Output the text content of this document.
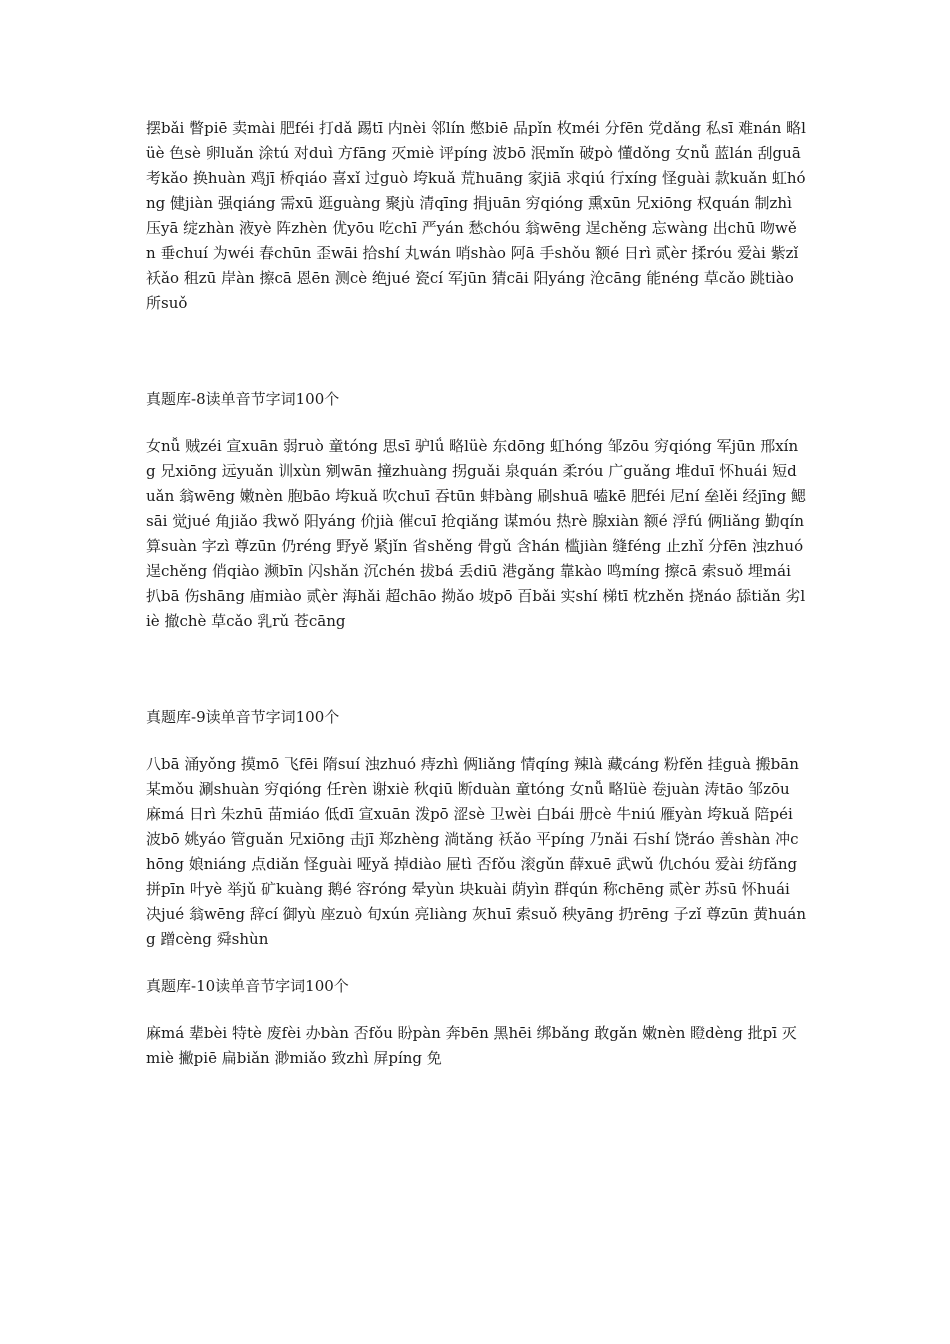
摆bǎi 瞥piē 卖mài 肥féi 打dǎ 踢tī 内nèi 邻lín 憋biē 品pǐn 枚méi 分fēn 党dǎng 私sī 难nán 略lüè 色sè 卵luǎn 涂tú 对duì 方fāng 灭miè 评píng 波bō 泯mǐn 破pò 懂dǒng 女nǚ 蓝lán 刮guā 考kǎo 换huàn 鸡jī 桥qiáo 喜xǐ 过guò 垮kuǎ 荒huāng 家jiā 求qiú 行xíng 怪guài 款kuǎn 虹hóng 健jiàn 强qiáng 需xū 逛guàng 聚jù 清qīng 捐juān 穷qióng 熏xūn 兄xiōng 权quán 制zhì 压yā 绽zhàn 液yè 阵zhèn 优yōu 吃chī 严yán 愁chóu 翁wēng 逞chěng 忘wàng 出chū 吻wěn 垂chuí 为wéi 春chūn 歪wāi 拾shí 丸wán 哨shào 阿ā 手shǒu 额é 日rì 贰èr 揉róu 爱ài 紫zǐ 袄ǎo 租zū 岸àn 擦cā 恩ēn 测cè 绝jué 瓷cí 军jūn 猜cāi 阳yáng 沧cāng 能néng 草cǎo 跳tiào 所suǒ

真题库-8读单音节字词100个

女nǚ 贼zéi 宣xuān 弱ruò 童tóng 思sī 驴lǘ 略lüè 东dōng 虹hóng 邹zōu 穷qióng 军jūn 邢xíng 兄xiōng 远yuǎn 训xùn 剜wān 撞zhuàng 拐guǎi 泉quán 柔róu 广guǎng 堆duī 怀huái 短duǎn 翁wēng 嫩nèn 胞bāo 垮kuǎ 吹chuī 吞tūn 蚌bàng 刷shuā 嗑kē 肥féi 尼ní 垒lěi 经jīng 鳃sāi 觉jué 角jiǎo 我wǒ 阳yáng 价jià 催cuī 抢qiǎng 谋móu 热rè 腺xiàn 额é 浮fú 俩liǎng 勤qín 算suàn 字zì 尊zūn 仍réng 野yě 紧jǐn 省shěng 骨gǔ 含hán 槛jiàn 缝féng 止zhǐ 分fēn 浊zhuó 逞chěng 俏qiào 濒bīn 闪shǎn 沉chén 拔bá 丢diū 港gǎng 靠kào 鸣míng 擦cā 索suǒ 埋mái 扒bā 伤shāng 庙miào 贰èr 海hǎi 超chāo 拗ǎo 坡pō 百bǎi 实shí 梯tī 枕zhěn 挠náo 舔tiǎn 劣liè 撤chè 草cǎo 乳rǔ 苍cāng

真题库-9读单音节字词100个

八bā 涌yǒng 摸mō 飞fēi 隋suí 浊zhuó 痔zhì 俩liǎng 情qíng 辣là 藏cáng 粉fěn 挂guà 搬bān 某mǒu 涮shuàn 穷qióng 任rèn 谢xiè 秋qiū 断duàn 童tóng 女nǚ 略lüè 卷juàn 涛tāo 邹zōu 麻má 日rì 朱zhū 苗miáo 低dī 宣xuān 泼pō 涩sè 卫wèi 白bái 册cè 牛niú 雁yàn 垮kuǎ 陪péi 波bō 姚yáo 管guǎn 兄xiōng 击jī 郑zhèng 淌tǎng 袄ǎo 平píng 乃nǎi 石shí 饶ráo 善shàn 冲chōng 娘niáng 点diǎn 怪guài 哑yǎ 掉diào 屉tì 否fǒu 滚gǔn 薛xuē 武wǔ 仇chóu 爱ài 纺fǎng 拼pīn 叶yè 举jǔ 矿kuàng 鹅é 容róng 晕yùn 块kuài 荫yìn 群qún 称chēng 贰èr 苏sū 怀huái 决jué 翁wēng 辞cí 御yù 座zuò 旬xún 亮liàng 灰huī 索suǒ 秧yāng 扔rēng 子zǐ 尊zūn 黄huáng 蹭cèng 舜shùn

真题库-10读单音节字词100个

麻má 辈bèi 特tè 废fèi 办bàn 否fǒu 盼pàn 奔bēn 黑hēi 绑bǎng 敢gǎn 嫩nèn 瞪dèng 批pī 灭miè 撇piē 扁biǎn 渺miǎo 致zhì 屏píng 免
